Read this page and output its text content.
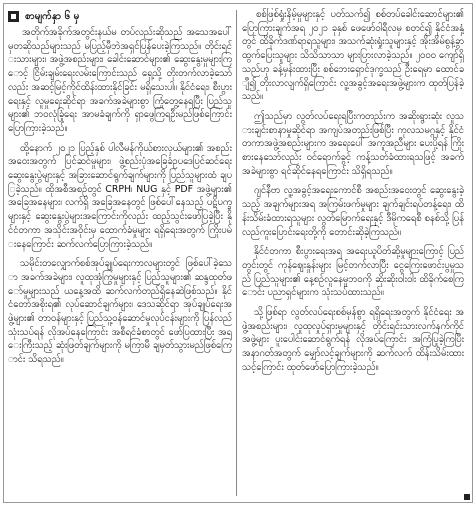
စာမျက်နှာ ၆ မှ

အတိုက်အခိုက်အတွင်းနယ်မ တပ်လည်းဆိုသည် အသေအပေါ်မှတဆိုသည်များသည် မပြည့်မှီဘဲအရှင်ပြန်ပေးခဲ့ကြသည်။ တိုင်းရင်းသားများ၊ အဖွဲ့အစည်းများ၊ ခေါင်းဆောင်များ၏ ဆွေးနွေးမှုများကြောင့် ငြိမ်းချမ်းရေးလမ်းကြောင်းသည် ရှေ့သို့ တိုးတက်လာခဲ့သော်လည်း အဆင့်မြင့်ကိုင်ထိန်းထားနိုင်ခြင်း မရှိသေးပါ။ နိုင်ငံရေး၊ စီးပွားရေးနှင့် လူမှုရေးဆိုင်ရာ အခက်အခဲများစွာ ကြုံတွေ့နေရပြီး ပြည်သူများ၏ ဘဝလုံခြုံရေး အာမခံချက်ကို ရှာဖွေကြရဦးမည်ဖြစ်ကြောင်း ပြောကြားခဲ့သည်။

ထို့နောက် ၂၀၂၁ ပြည့်နှစ် ပါလီမန်ကိုယ်စားလှယ်များ၏ အစည်းအဝေးအတွက် ပြင်ဆင်မှုများ၊ ဖွဲ့စည်းပုံအခြေခံဥပဒေပြင်ဆင်ရေး ဆွေးနွေးပွဲများနှင့် အခြားဆောင်ရွက်ချက်များကို ပြည်သူများထံ ချပြခဲ့သည်။ ထိုအစီအစဉ်တွင် CRPH၊ NUG နှင့် PDF အဖွဲ့များ၏ အခြေအနေများ၊ လက်ရှိ အခြေအနေတွင် ဖြစ်ပေါ်နေသည့် ပဋိပက္ခများနှင့် ဆွေးနွေးပွဲများအကြောင်းကိုလည်း ထည့်သွင်းဖော်ပြခဲ့ပြီး နိုင်ငံတကာ အသိုင်းအဝိုင်းမှ ထောက်ခံမှုများ ရရှိရေးအတွက် ကြိုးပမ်းနေကြောင်း ဆက်လက်ပြောကြားခဲ့သည်။

သမိုင်းတလျှောက်စစ်အုပ်ချုပ်ရေးကာလများတွင် ဖြစ်ပေါ်ခဲ့သော အခက်အခဲများ၊ လူထုအုံကြွမှုများနှင့် ပြည်သူများ၏ ဆန္ဒထုတ်ဖော်မှုများသည် ယနေ့အထိ ဆက်လက်တည်ရှိနေဆဲဖြစ်သည်။ နိုင်ငံတော်အစိုးရ၏ လုပ်ဆောင်ချက်များ၊ ဒေသဆိုင်ရာ အုပ်ချုပ်ရေးအဖွဲ့များ၏ တာဝန်များနှင့် ပြည်သူ့ဝန်ဆောင်မှုလုပ်ငန်းများကို ပြန်လည်သုံးသပ်ရန် လိုအပ်နေကြောင်း အစီရင်ခံစာတွင် ဖော်ပြထားပြီး အရေးကြီးသည့် ဆုံးဖြတ်ချက်များကို မကြာမီ ချမှတ်သွားမည်ဖြစ်ကြောင်း သိရသည်။

စစ်ဖြစ်ရှုံးနိမ့်မှုများနှင့် ပတ်သက်၍ စစ်တပ်ခေါင်းဆောင်များ၏ ပြောကြားချက်အရ ၂၀၂၁ ခုနှစ် ဖေဖော်ဝါရီလမှ စတင်၍ နိုင်ငံအနှံ့တွင် ထိခိုက်ဒဏ်ရာရသူများ၊ အသက်ဆုံးရှုံးသူများနှင့် အိုးအိမ်စွန့်ခွာ ထွက်ပြေးသူများ သိသိသာသာ များပြားလာခဲ့သည်။ ၂၀၀၀ ကျော်ရှိသည်ဟု ခန့်မှန်းထားပြီး စစ်ဘေးရှောင်ဒုက္ခသည် ဦးရေမှာ ထောင်ချီ၍ တိုးလာလျက်ရှိကြောင်း လူ့အခွင့်အရေးအဖွဲ့များက ထုတ်ပြန်ခဲ့သည်။

ဤသည်မှာ လွတ်လပ်ရေးရပြီးကတည်းက အဆိုးရွားဆုံး လူသားချင်းစာနာမှုဆိုင်ရာ အကျပ်အတည်းဖြစ်ပြီး ကုလသမဂ္ဂနှင့် နိုင်ငံတကာအဖွဲ့အစည်းများက အရေးပေါ် အကူအညီများ ပေးပို့ရန် ကြိုးစားနေသော်လည်း ဝင်ရောက်ခွင့် ကန့်သတ်ခံထားရသဖြင့် အခက်အခဲများစွာ ရင်ဆိုင်နေရကြောင်း သိရှိရသည်။

ဂျင်နီဗာ လူ့အခွင့်အရေးကောင်စီ အစည်းအဝေးတွင် ဆွေးနွေးခဲ့သည့် အချက်များအရ အကြမ်းဖက်မှုများ ချက်ချင်းရပ်တန့်ရေး၊ ထိန်းသိမ်းခံထားရသူများ လွတ်မြောက်ရေးနှင့် ဒီမိုကရေစီ စနစ်သို့ ပြန်လည်ကူးပြောင်းရေးတို့ကို တောင်းဆိုခဲ့ကြသည်။

နိုင်ငံတကာ စီးပွားရေးအရ အရေးယူပိတ်ဆို့မှုများကြောင့် ပြည်တွင်းတွင် ကုန်ဈေးနှုန်းများ မြင့်တက်လာပြီး ငွေကြေးဖောင်းပွမှုသည် ပြည်သူများ၏ နေ့စဉ်လူနေမှုဘဝကို ဆိုးဆိုးဝါးဝါး ထိခိုက်စေကြောင်း ပညာရှင်များက သုံးသပ်ထားသည်။

သို့ဖြစ်ရာ လွတ်လပ်ရေးစစ်မှန်စွာ ရရှိရေးအတွက် နိုင်ငံရေး အဖွဲ့အစည်းများ၊ လူထုလှုပ်ရှားမှုများနှင့် တိုင်းရင်းသားလက်နက်ကိုင်အဖွဲ့များ ပူးပေါင်းဆောင်ရွက်ရန် လိုအပ်ကြောင်း အကြံပြုခဲ့ကြပြီး အနာဂတ်အတွက် မျှော်လင့်ချက်များကို ဆက်လက် ထိန်းသိမ်းထားသင့်ကြောင်း ထုတ်ဖော်ပြောကြားခဲ့သည်။
